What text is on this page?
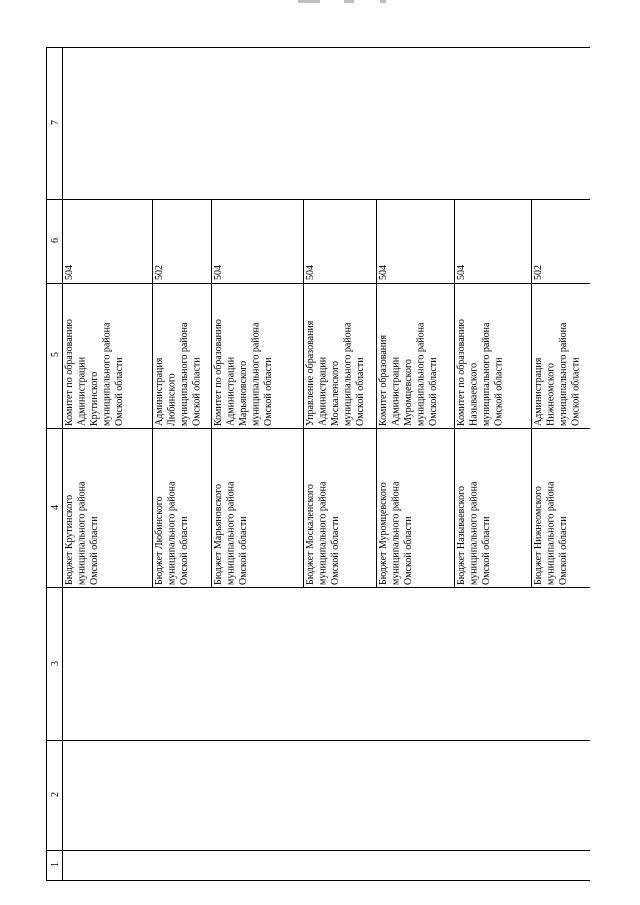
7
6
5
4
3
2
1
Бюджет Крутинского
муниципального района
Омской области
Комитет по образованию
Администрации
Крутинского
муниципального района
Омской области
504
Бюджет Любинского
муниципального района
Омской области
Администрация
Любинского
муниципального района
Омской области
502
Бюджет Марьяновского
муниципального района
Омской области
Комитет по образованию
Администрации
Марьяновского
муниципального района
Омской области
504
Бюджет Москаленского
муниципального района
Омской области
Управление образования
Администрации
Москаленского
муниципального района
Омской области
504
Бюджет Муромцевского
муниципального района
Омской области
Комитет образования
Администрации
Муромцевского
муниципального района
Омской области
504
Бюджет Называевского
муниципального района
Омской области
Комитет по образованию
Называевского
муниципального района
Омской области
504
Бюджет Нижнеомского
муниципального района
Омской области
Администрация
Нижнеомского
муниципального района
Омской области
502
